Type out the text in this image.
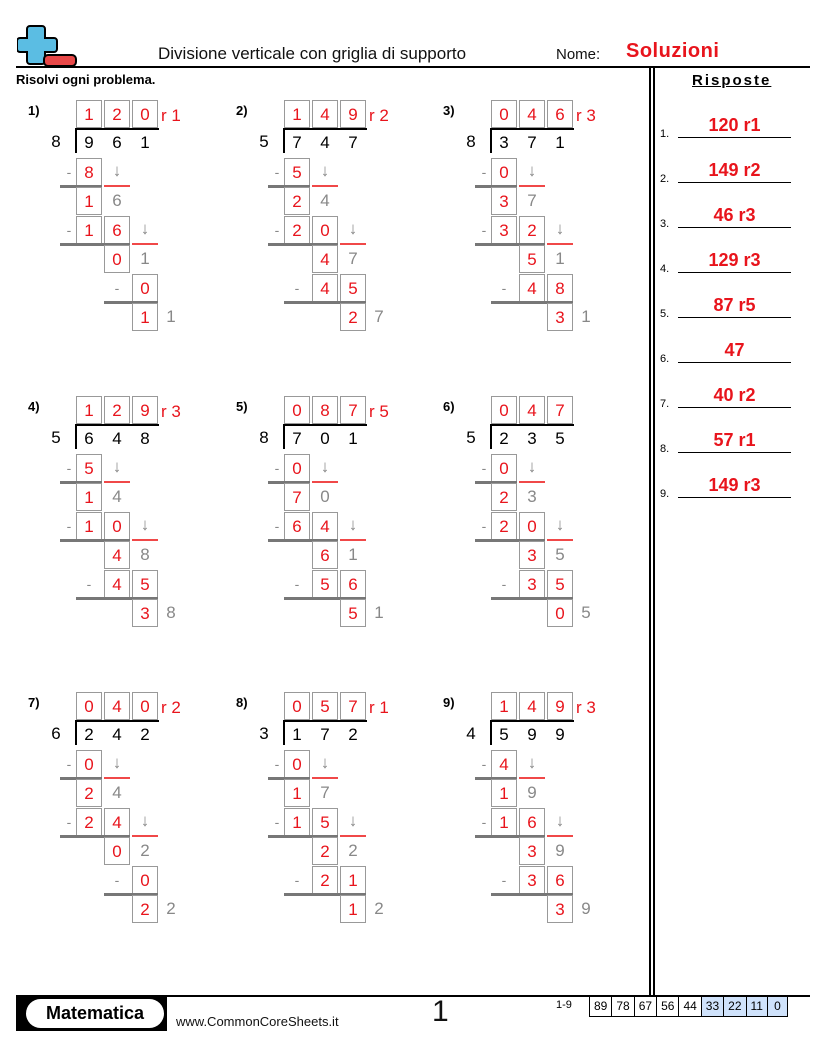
Divisione verticale con griglia di supporto	Nome: Soluzioni
Risolvi ogni problema.	Risposte
1.	120 r1
2.	149 r2
3.	46 r3
4.	129 r3
5.	87 r5
6.	47
7.	40 r2
8.	57 r1
9.	149 r3
1)	1	2	0 r 1
8	9	6	1
- 8	↓
1	6
- 1	6	↓
0	1
-	0
1 1
2)	1	4	9 r 2
5	7	4	7
- 5	↓
2	4
- 2	0	↓
4	7
-	4	5
2 7
3)	0	4	6 r 3
8	3	7	1
- 0	↓
3	7
- 3	2	↓
5	1
-	4	8
3 1
4)	1	2	9 r 3
5	6	4	8
- 5	↓
1	4
- 1	0	↓
4	8
-	4	5
3 8
5)	0	8	7 r 5
8	7	0	1
- 0	↓
7	0
- 6	4	↓
6	1
-	5	6
5 1
6)	0	4	7
5	2	3	5
- 0	↓
2	3
- 2	0	↓
3	5
-	3	5
0 5
7)	0	4	0 r 2
6	2	4	2
- 0	↓
2	4
- 2	4	↓
0	2
-	0
2 2
8)	0	5	7 r 1
3	1	7	2
- 0	↓
1	7
- 1	5	↓
2	2
-	2	1
1 2
9)	1	4	9 r 3
4	5	9	9
- 4	↓
1	9
- 1	6	↓
3	9
-	3	6
3 9
Matematica	www.CommonCoreSheets.it	1	1-9	89 78 67 56 44 33 22 11 0
